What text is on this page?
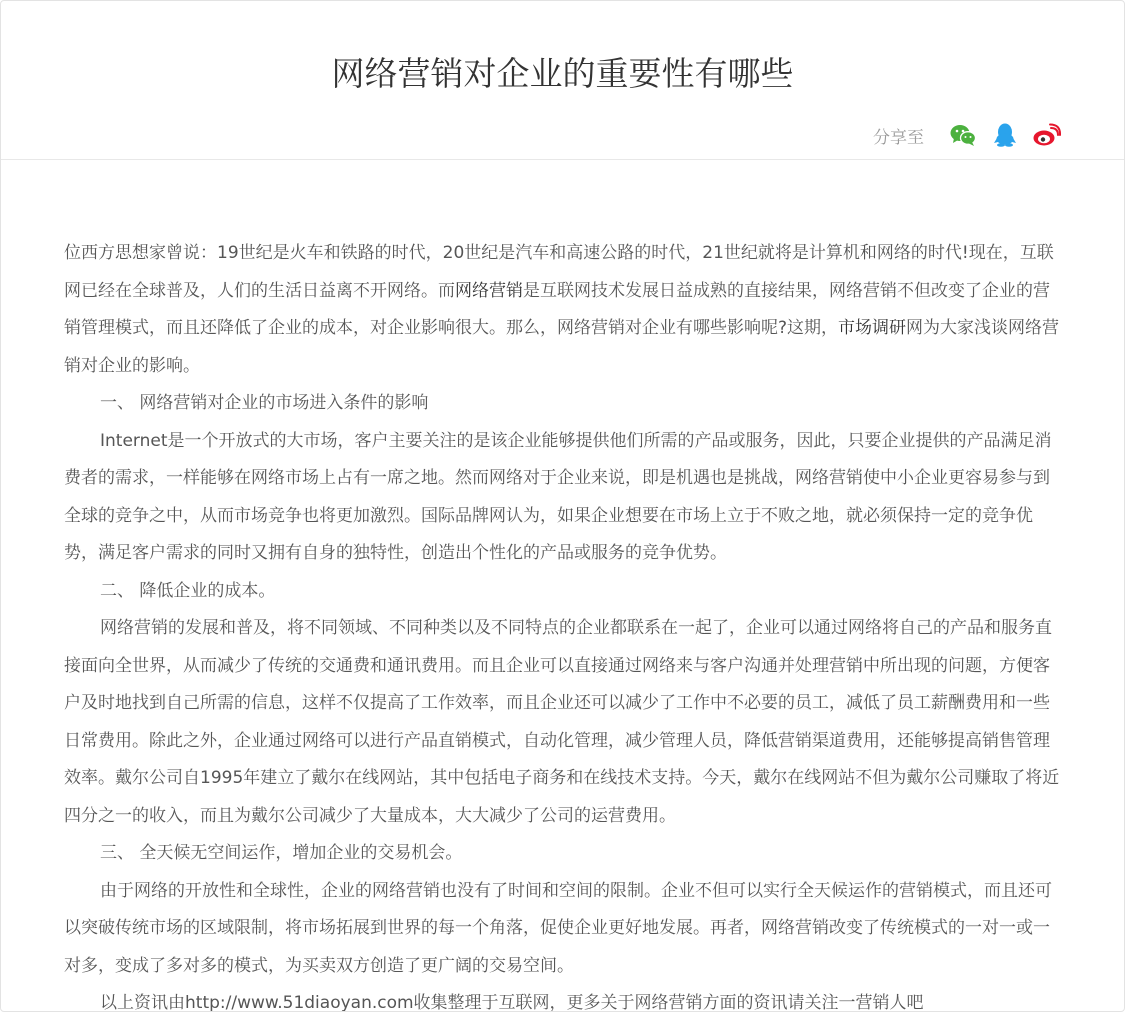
网络营销对企业的重要性有哪些
分享至

位西方思想家曾说：19世纪是火车和铁路的时代，20世纪是汽车和高速公路的时代，21世纪就将是计算机和网络的时代!现在，互联网已经在全球普及，人们的生活日益离不开网络。而网络营销是互联网技术发展日益成熟的直接结果，网络营销不但改变了企业的营销管理模式，而且还降低了企业的成本，对企业影响很大。那么，网络营销对企业有哪些影响呢?这期，市场调研网为大家浅谈网络营销对企业的影响。

一、 网络营销对企业的市场进入条件的影响

Internet是一个开放式的大市场，客户主要关注的是该企业能够提供他们所需的产品或服务，因此，只要企业提供的产品满足消费者的需求，一样能够在网络市场上占有一席之地。然而网络对于企业来说，即是机遇也是挑战，网络营销使中小企业更容易参与到全球的竞争之中，从而市场竞争也将更加激烈。国际品牌网认为，如果企业想要在市场上立于不败之地，就必须保持一定的竞争优势，满足客户需求的同时又拥有自身的独特性，创造出个性化的产品或服务的竞争优势。

二、 降低企业的成本。

网络营销的发展和普及，将不同领域、不同种类以及不同特点的企业都联系在一起了，企业可以通过网络将自己的产品和服务直接面向全世界，从而减少了传统的交通费和通讯费用。而且企业可以直接通过网络来与客户沟通并处理营销中所出现的问题，方便客户及时地找到自己所需的信息，这样不仅提高了工作效率，而且企业还可以减少了工作中不必要的员工，减低了员工薪酬费用和一些日常费用。除此之外，企业通过网络可以进行产品直销模式，自动化管理，减少管理人员，降低营销渠道费用，还能够提高销售管理效率。戴尔公司自1995年建立了戴尔在线网站，其中包括电子商务和在线技术支持。今天，戴尔在线网站不但为戴尔公司赚取了将近四分之一的收入，而且为戴尔公司减少了大量成本，大大减少了公司的运营费用。

三、 全天候无空间运作，增加企业的交易机会。

由于网络的开放性和全球性，企业的网络营销也没有了时间和空间的限制。企业不但可以实行全天候运作的营销模式，而且还可以突破传统市场的区域限制，将市场拓展到世界的每一个角落，促使企业更好地发展。再者，网络营销改变了传统模式的一对一或一对多，变成了多对多的模式，为买卖双方创造了更广阔的交易空间。

以上资讯由http://www.51diaoyan.com收集整理于互联网，更多关于网络营销方面的资讯请关注一营销人吧
